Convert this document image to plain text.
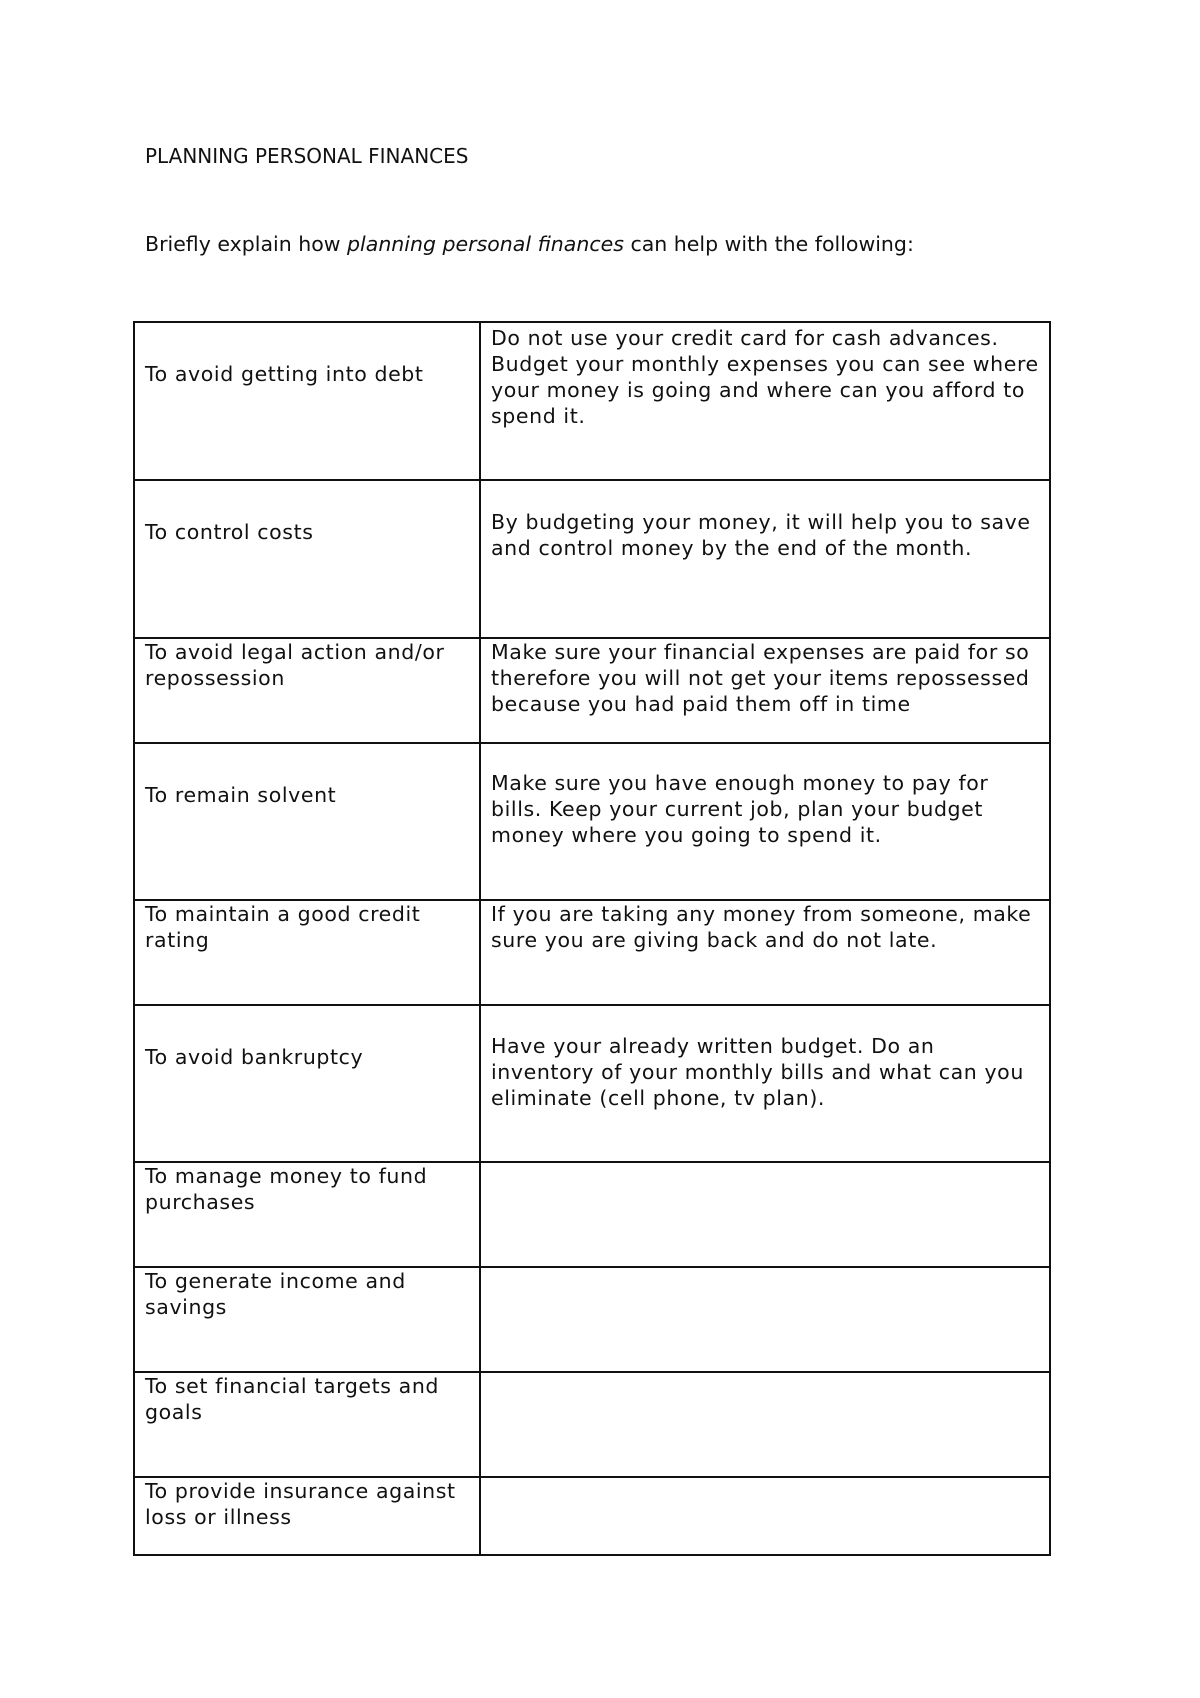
PLANNING PERSONAL FINANCES
Briefly explain how planning personal finances can help with the following:
To avoid getting into debt	Do not use your credit card for cash advances. Budget your monthly expenses you can see where your money is going and where can you afford to spend it.
To control costs	By budgeting your money, it will help you to save and control money by the end of the month.
To avoid legal action and/or repossession	Make sure your financial expenses are paid for so therefore you will not get your items repossessed because you had paid them off in time
To remain solvent	Make sure you have enough money to pay for bills. Keep your current job, plan your budget money where you going to spend it.
To maintain a good credit rating	If you are taking any money from someone, make sure you are giving back and do not late.
To avoid bankruptcy	Have your already written budget. Do an inventory of your monthly bills and what can you eliminate (cell phone, tv plan).
To manage money to fund purchases	
To generate income and savings	
To set financial targets and goals	
To provide insurance against loss or illness	
